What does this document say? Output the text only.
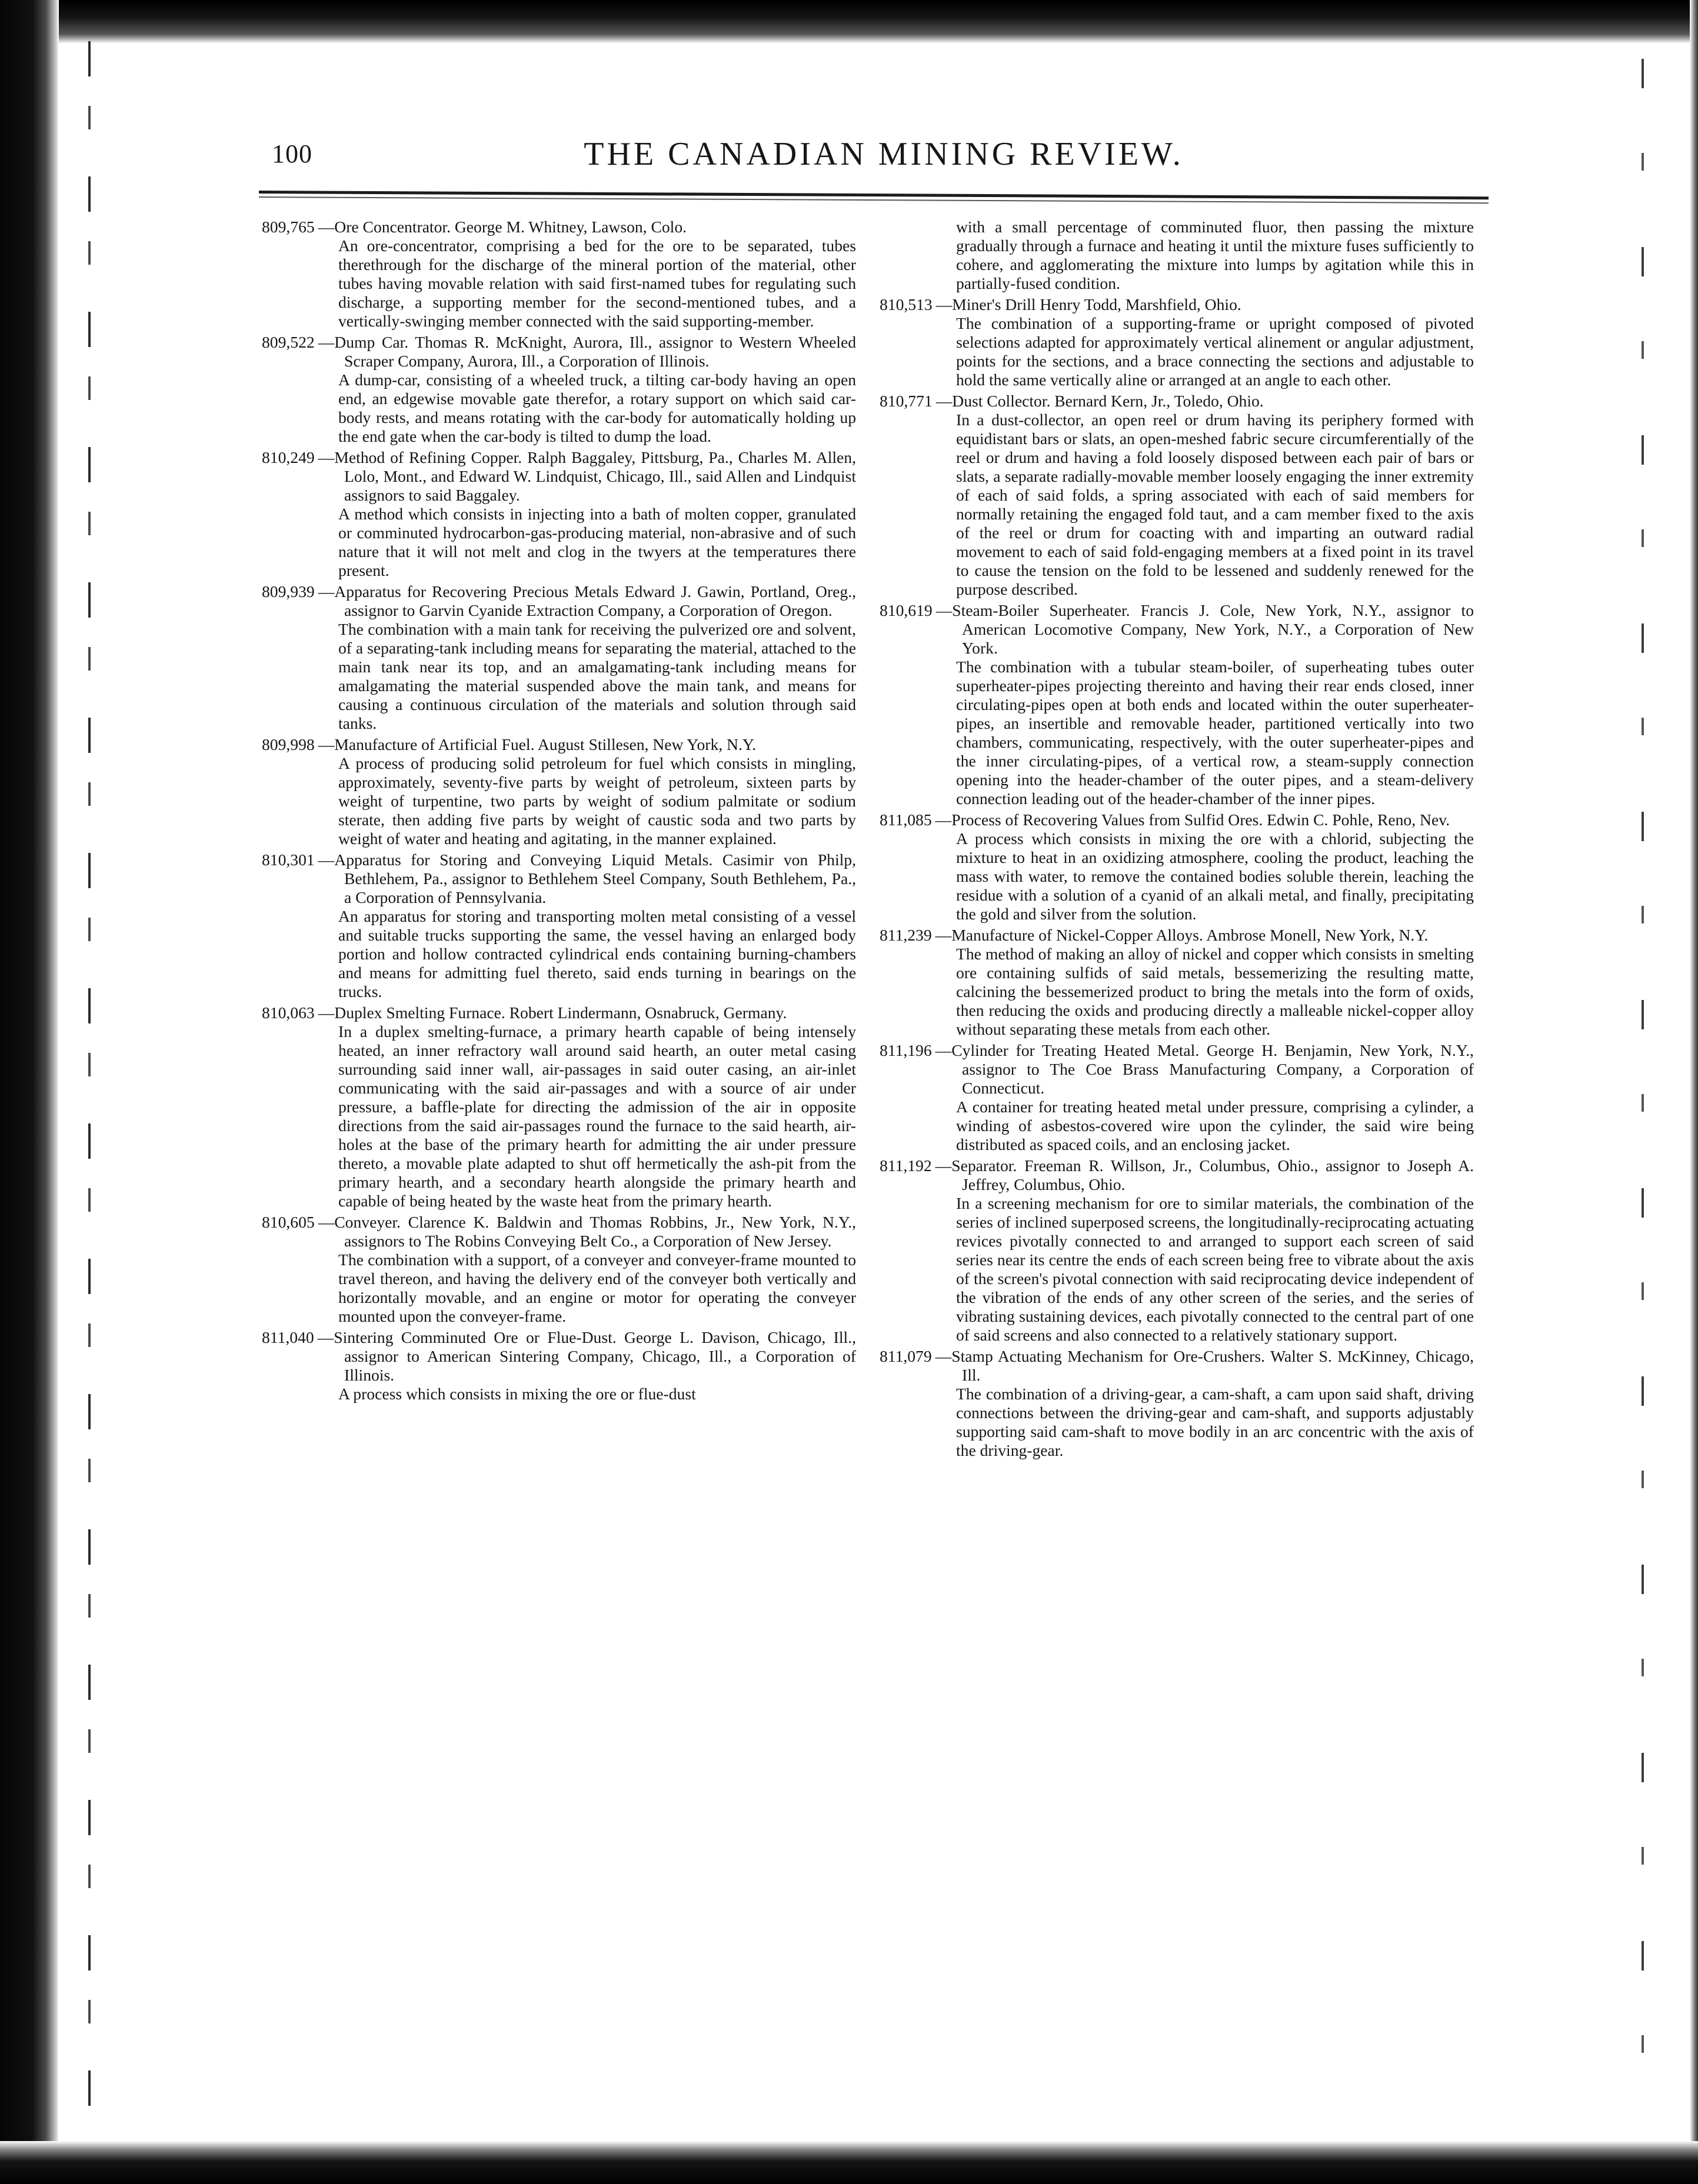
100	THE CANADIAN MINING REVIEW.

809,765 —Ore Concentrator. George M. Whitney, Lawson, Colo.

An ore-concentrator, comprising a bed for the ore to be separated, tubes therethrough for the discharge of the mineral portion of the material, other tubes having movable relation with said first-named tubes for regulating such discharge, a supporting member for the second-mentioned tubes, and a vertically-swinging member connected with the said supporting-member.

809,522 —Dump Car. Thomas R. McKnight, Aurora, Ill., assignor to Western Wheeled Scraper Company, Aurora, Ill., a Corporation of Illinois.

A dump-car, consisting of a wheeled truck, a tilting car-body having an open end, an edgewise movable gate therefor, a rotary support on which said car-body rests, and means rotating with the car-body for automatically holding up the end gate when the car-body is tilted to dump the load.

810,249 —Method of Refining Copper. Ralph Baggaley, Pittsburg, Pa., Charles M. Allen, Lolo, Mont., and Edward W. Lindquist, Chicago, Ill., said Allen and Lindquist assignors to said Baggaley.

A method which consists in injecting into a bath of molten copper, granulated or comminuted hydrocarbon-gas-producing material, non-abrasive and of such nature that it will not melt and clog in the twyers at the temperatures there present.

809,939 —Apparatus for Recovering Precious Metals Edward J. Gawin, Portland, Oreg., assignor to Garvin Cyanide Extraction Company, a Corporation of Oregon.

The combination with a main tank for receiving the pulverized ore and solvent, of a separating-tank including means for separating the material, attached to the main tank near its top, and an amalgamating-tank including means for amalgamating the material suspended above the main tank, and means for causing a continuous circulation of the materials and solution through said tanks.

809,998 —Manufacture of Artificial Fuel. August Stillesen, New York, N.Y.

A process of producing solid petroleum for fuel which consists in mingling, approximately, seventy-five parts by weight of petroleum, sixteen parts by weight of turpentine, two parts by weight of sodium palmitate or sodium sterate, then adding five parts by weight of caustic soda and two parts by weight of water and heating and agitating, in the manner explained.

810,301 —Apparatus for Storing and Conveying Liquid Metals. Casimir von Philp, Bethlehem, Pa., assignor to Bethlehem Steel Company, South Bethlehem, Pa., a Corporation of Pennsylvania.

An apparatus for storing and transporting molten metal consisting of a vessel and suitable trucks supporting the same, the vessel having an enlarged body portion and hollow contracted cylindrical ends containing burning-chambers and means for admitting fuel thereto, said ends turning in bearings on the trucks.

810,063 —Duplex Smelting Furnace. Robert Lindermann, Osnabruck, Germany.

In a duplex smelting-furnace, a primary hearth capable of being intensely heated, an inner refractory wall around said hearth, an outer metal casing surrounding said inner wall, air-passages in said outer casing, an air-inlet communicating with the said air-passages and with a source of air under pressure, a baffle-plate for directing the admission of the air in opposite directions from the said air-passages round the furnace to the said hearth, air-holes at the base of the primary hearth for admitting the air under pressure thereto, a movable plate adapted to shut off hermetically the ash-pit from the primary hearth, and a secondary hearth alongside the primary hearth and capable of being heated by the waste heat from the primary hearth.

810,605 —Conveyer. Clarence K. Baldwin and Thomas Robbins, Jr., New York, N.Y., assignors to The Robins Conveying Belt Co., a Corporation of New Jersey.

The combination with a support, of a conveyer and conveyer-frame mounted to travel thereon, and having the delivery end of the conveyer both vertically and horizontally movable, and an engine or motor for operating the conveyer mounted upon the conveyer-frame.

811,040 —Sintering Comminuted Ore or Flue-Dust. George L. Davison, Chicago, Ill., assignor to American Sintering Company, Chicago, Ill., a Corporation of Illinois.

A process which consists in mixing the ore or flue-dust

with a small percentage of comminuted fluor, then passing the mixture gradually through a furnace and heating it until the mixture fuses sufficiently to cohere, and agglomerating the mixture into lumps by agitation while this in partially-fused condition.

810,513 —Miner's Drill Henry Todd, Marshfield, Ohio.

The combination of a supporting-frame or upright composed of pivoted selections adapted for approximately vertical alinement or angular adjustment, points for the sections, and a brace connecting the sections and adjustable to hold the same vertically aline or arranged at an angle to each other.

810,771 —Dust Collector. Bernard Kern, Jr., Toledo, Ohio.

In a dust-collector, an open reel or drum having its periphery formed with equidistant bars or slats, an open-meshed fabric secure circumferentially of the reel or drum and having a fold loosely disposed between each pair of bars or slats, a separate radially-movable member loosely engaging the inner extremity of each of said folds, a spring associated with each of said members for normally retaining the engaged fold taut, and a cam member fixed to the axis of the reel or drum for coacting with and imparting an outward radial movement to each of said fold-engaging members at a fixed point in its travel to cause the tension on the fold to be lessened and suddenly renewed for the purpose described.

810,619 —Steam-Boiler Superheater. Francis J. Cole, New York, N.Y., assignor to American Locomotive Company, New York, N.Y., a Corporation of New York.

The combination with a tubular steam-boiler, of superheating tubes outer superheater-pipes projecting thereinto and having their rear ends closed, inner circulating-pipes open at both ends and located within the outer superheater-pipes, an insertible and removable header, partitioned vertically into two chambers, communicating, respectively, with the outer superheater-pipes and the inner circulating-pipes, of a vertical row, a steam-supply connection opening into the header-chamber of the outer pipes, and a steam-delivery connection leading out of the header-chamber of the inner pipes.

811,085 —Process of Recovering Values from Sulfid Ores. Edwin C. Pohle, Reno, Nev.

A process which consists in mixing the ore with a chlorid, subjecting the mixture to heat in an oxidizing atmosphere, cooling the product, leaching the mass with water, to remove the contained bodies soluble therein, leaching the residue with a solution of a cyanid of an alkali metal, and finally, precipitating the gold and silver from the solution.

811,239 —Manufacture of Nickel-Copper Alloys. Ambrose Monell, New York, N.Y.

The method of making an alloy of nickel and copper which consists in smelting ore containing sulfids of said metals, bessemerizing the resulting matte, calcining the bessemerized product to bring the metals into the form of oxids, then reducing the oxids and producing directly a malleable nickel-copper alloy without separating these metals from each other.

811,196 —Cylinder for Treating Heated Metal. George H. Benjamin, New York, N.Y., assignor to The Coe Brass Manufacturing Company, a Corporation of Connecticut.

A container for treating heated metal under pressure, comprising a cylinder, a winding of asbestos-covered wire upon the cylinder, the said wire being distributed as spaced coils, and an enclosing jacket.

811,192 —Separator. Freeman R. Willson, Jr., Columbus, Ohio., assignor to Joseph A. Jeffrey, Columbus, Ohio.

In a screening mechanism for ore to similar materials, the combination of the series of inclined superposed screens, the longitudinally-reciprocating actuating revices pivotally connected to and arranged to support each screen of said series near its centre the ends of each screen being free to vibrate about the axis of the screen's pivotal connection with said reciprocating device independent of the vibration of the ends of any other screen of the series, and the series of vibrating sustaining devices, each pivotally connected to the central part of one of said screens and also connected to a relatively stationary support.

811,079 —Stamp Actuating Mechanism for Ore-Crushers. Walter S. McKinney, Chicago, Ill.

The combination of a driving-gear, a cam-shaft, a cam upon said shaft, driving connections between the driving-gear and cam-shaft, and supports adjustably supporting said cam-shaft to move bodily in an arc concentric with the axis of the driving-gear.
